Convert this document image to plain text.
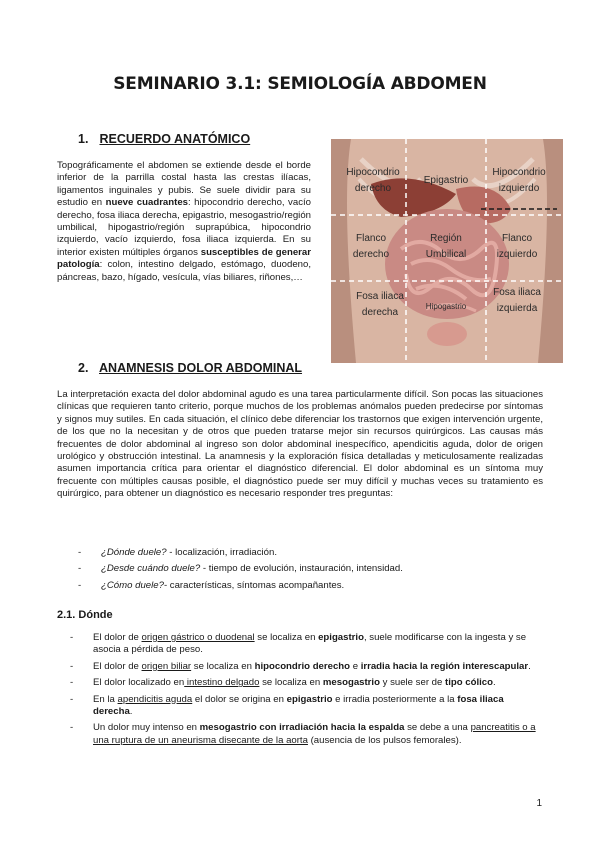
SEMINARIO 3.1: SEMIOLOGÍA ABDOMEN
1. RECUERDO ANATÓMICO
Topográficamente el abdomen se extiende desde el borde inferior de la parrilla costal hasta las crestas ilíacas, ligamentos inguinales y pubis. Se suele dividir para su estudio en nueve cuadrantes: hipocondrio derecho, vacío derecho, fosa iliaca derecha, epigastrio, mesogastrio/región umbilical, hipogastrio/región suprapúbica, hipocondrio izquierdo, vacío izquierdo, fosa iliaca izquierda. En su interior existen múltiples órganos susceptibles de generar patología: colon, intestino delgado, estómago, duodeno, páncreas, bazo, hígado, vesícula, vías biliares, riñones,…
Hipocondrio derecho
Epigastrio
Hipocondrio izquierdo
Flanco derecho
Región Umbilical
Flanco izquierdo
Fosa iliaca derecha
Hipogastrio
Fosa iliaca izquierda
2. ANAMNESIS DOLOR ABDOMINAL
La interpretación exacta del dolor abdominal agudo es una tarea particularmente difícil. Son pocas las situaciones clínicas que requieren tanto criterio, porque muchos de los problemas anómalos pueden predecirse por síntomas y signos muy sutiles. En cada situación, el clínico debe diferenciar los trastornos que exigen intervención urgente, de los que no la necesitan y de otros que pueden tratarse mejor sin recursos quirúrgicos. Las causas más frecuentes de dolor abdominal al ingreso son dolor abdominal inespecífico, apendicitis aguda, dolor de origen urológico y obstrucción intestinal. La anamnesis y la exploración física detalladas y meticulosamente realizadas asumen importancia crítica para orientar el diagnóstico diferencial. El dolor abdominal es un síntoma muy frecuente con múltiples causas posible, el diagnóstico puede ser muy difícil y muchas veces su tratamiento es quirúrgico, para obtener un diagnóstico es necesario responder tres preguntas:
- ¿Dónde duele? - localización, irradiación.
- ¿Desde cuándo duele? - tiempo de evolución, instauración, intensidad.
- ¿Cómo duele?- características, síntomas acompañantes.
2.1. Dónde
- El dolor de origen gástrico o duodenal se localiza en epigastrio, suele modificarse con la ingesta y se asocia a pérdida de peso.
- El dolor de origen biliar se localiza en hipocondrio derecho e irradia hacia la región interescapular.
- El dolor localizado en intestino delgado se localiza en mesogastrio y suele ser de tipo cólico.
- En la apendicitis aguda el dolor se origina en epigastrio e irradia posteriormente a la fosa iliaca derecha.
- Un dolor muy intenso en mesogastrio con irradiación hacia la espalda se debe a una pancreatitis o a una ruptura de un aneurisma disecante de la aorta (ausencia de los pulsos femorales).
1
